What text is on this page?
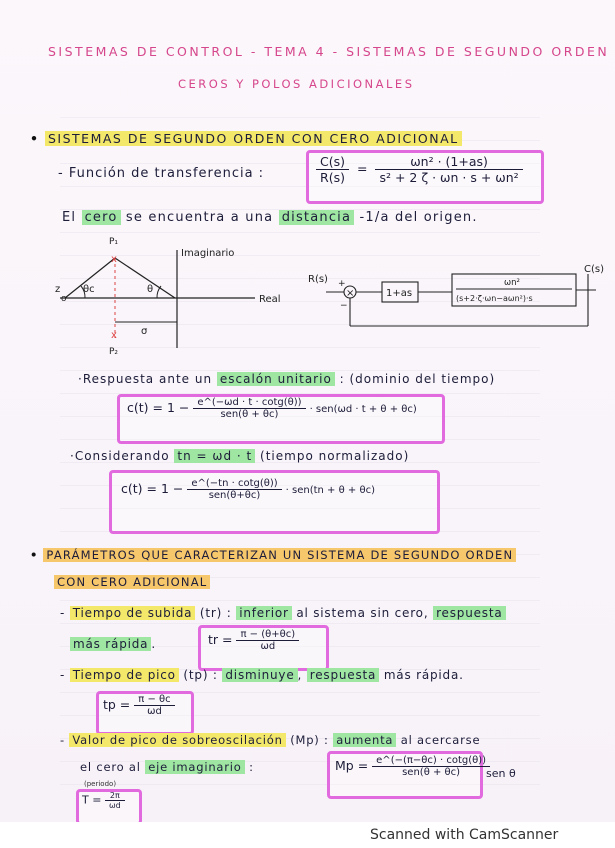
SISTEMAS DE CONTROL - TEMA 4 - SISTEMAS DE SEGUNDO ORDEN
CEROS Y POLOS ADICIONALES
• SISTEMAS DE SEGUNDO ORDEN CON CERO ADICIONAL
- Función de transferencia :	$\frac{C(s)}{R(s)} = \frac{\text{ωn² · (1+as)}}{\text{s² + 2 ζ · ωn · s + ωn²}}$
El cero se encuentra a una distancia -1/a del origen.
x
x
o
Imaginario
Real
P₁
P₂
z θc	θ
σ
R(s)
×
+
−
1+as
ωn²
(s+2·ζ·ωn−aωn²)·s
C(s)
·Respuesta ante un escalón unitario : (dominio del tiempo)
$c(t) = 1 - \frac{e\^{}(-\omega d \cdot t \cdot \cot g(\theta))}{\text{sen(θ + θc)}} \cdot sen(\omega d \cdot t + \theta + \theta c)$
·Considerando tn = ωd · t (tiempo normalizado)
$c(t) = 1 - \frac{e\^{}(-tn \cdot \cot g(\theta))}{\text{sen(θ+θc)}} \cdot sen(tn + \theta + \theta c)$
• PARÁMETROS QUE CARACTERIZAN UN SISTEMA DE SEGUNDO ORDEN
CON CERO ADICIONAL
- Tiempo de subida (tr) : inferior al sistema sin cero, respuesta
más rápida .	tr = $\frac{\pi - (\theta+\theta c)}{\omega d}$
- Tiempo de pico (tp) : disminuye , respuesta más rápida.
tp = $\frac{\pi - \theta c}{\omega d}$
- Valor de pico de sobreoscilación (Mp) : aumenta al acercarse
el cero al eje imaginario :	$Mp = \frac{e\^{}(-(\pi-\theta c) \cdot \cot g(\theta))}{\text{sen(θ + θc)}}$
sen θ
(periodo)
$T = \frac{2\pi}{\omega d}$
Scanned with CamScanner
